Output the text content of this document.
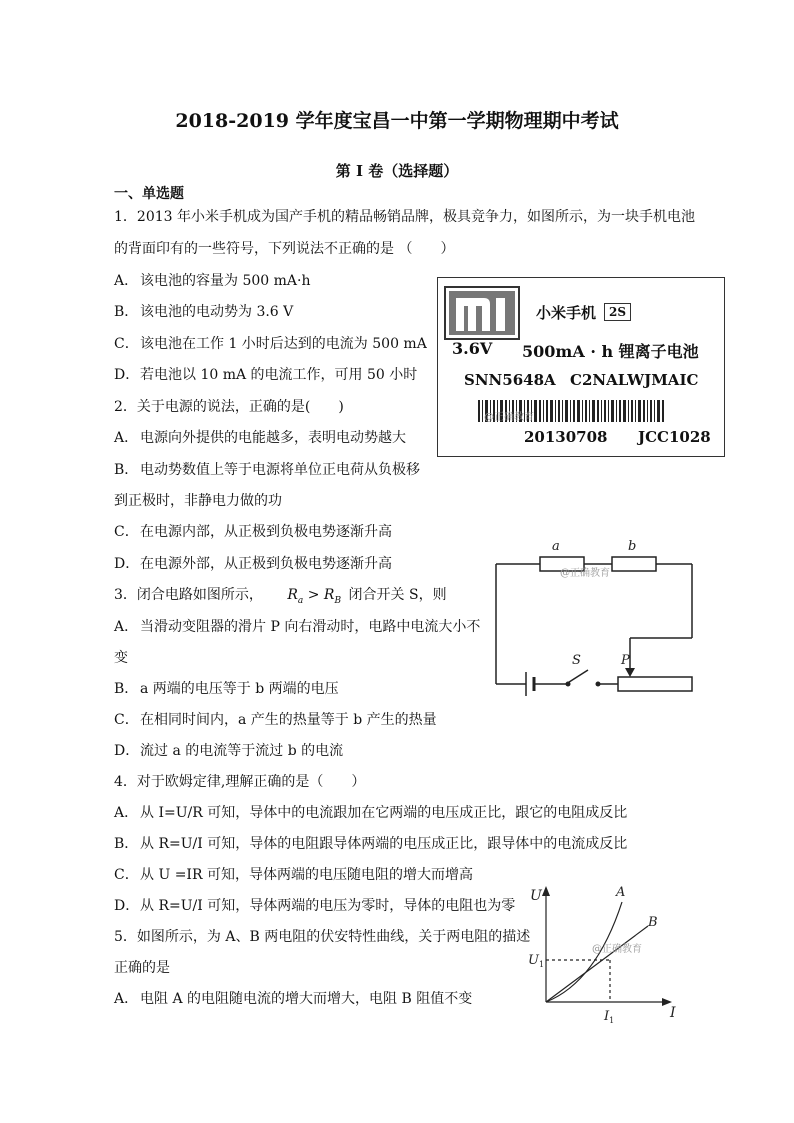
2018-2019 学年度宝昌一中第一学期物理期中考试
第 I 卷（选择题）
一、单选题
1．2013 年小米手机成为国产手机的精品畅销品牌，极具竞争力，如图所示，为一块手机电池
的背面印有的一些符号，下列说法不正确的是 （　　）
A． 该电池的容量为 500 mA·h
B． 该电池的电动势为 3.6 V
C．该电池在工作 1 小时后达到的电流为 500 mA
D．若电池以 10 mA 的电流工作，可用 50 小时
小米手机	2S
3.6V 500mA · h 锂离子电池
SNN5648A C2NALWJMAIC
@正确教育
20130708 JCC1028
2．关于电源的说法，正确的是(　　)
A． 电源向外提供的电能越多，表明电动势越大
B． 电动势数值上等于电源将单位正电荷从负极移
到正极时，非静电力做的功
C．在电源内部，从正极到负极电势逐渐升高
D．在电源外部，从正极到负极电势逐渐升高
a	b
S	P
@正确教育
3．闭合电路如图所示， $R_a > R_B$ 闭合开关 S，则
A． 当滑动变阻器的滑片 P 向右滑动时，电路中电流大小不
变
B． a 两端的电压等于 b 两端的电压
C．在相同时间内，a 产生的热量等于 b 产生的热量
D．流过 a 的电流等于流过 b 的电流
4．对于欧姆定律,理解正确的是（　　）
A． 从 I=U/R 可知，导体中的电流跟加在它两端的电压成正比，跟它的电阻成反比
B． 从 R=U/I 可知，导体的电阻跟导体两端的电压成正比，跟导体中的电流成反比
C．从 U =IR 可知，导体两端的电压随电阻的增大而增高
D．从 R=U/I 可知，导体两端的电压为零时，导体的电阻也为零
5．如图所示，为 A、B 两电阻的伏安特性曲线，关于两电阻的描述
正确的是
A． 电阻 A 的电阻随电流的增大而增大，电阻 B 阻值不变
U
I
A
B
$U_1$
$I_1$
@正确教育
